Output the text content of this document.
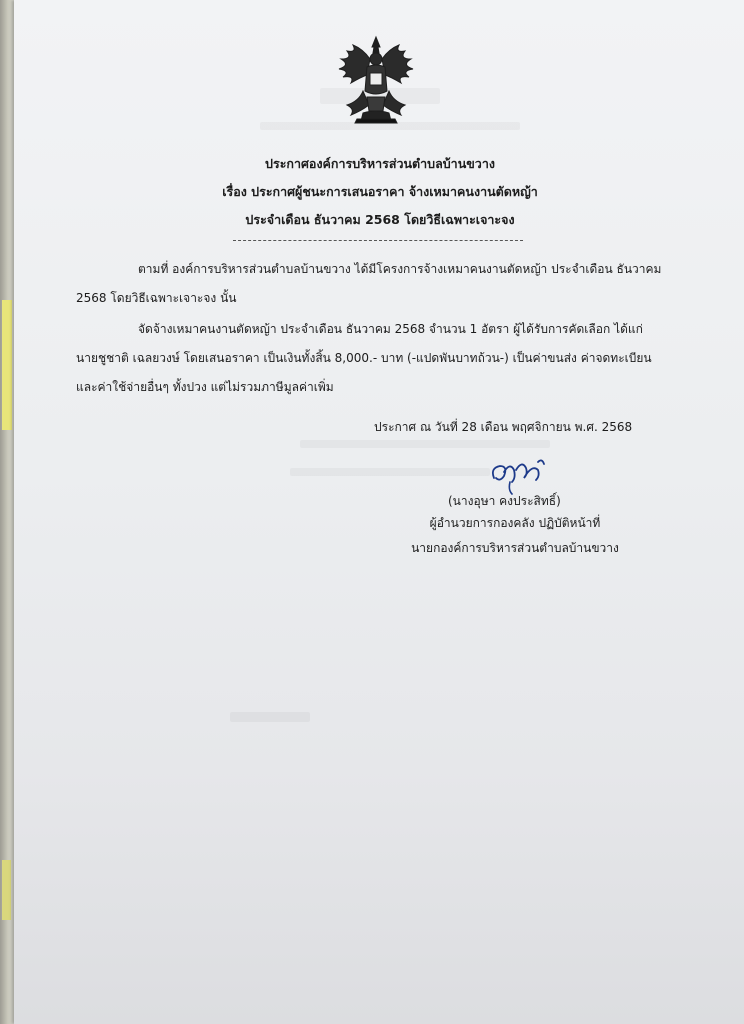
ประกาศองค์การบริหารส่วนตำบลบ้านขวาง
เรื่อง ประกาศผู้ชนะการเสนอราคา จ้างเหมาคนงานตัดหญ้า
ประจำเดือน ธันวาคม 2568 โดยวิธีเฉพาะเจาะจง
ตามที่ องค์การบริหารส่วนตำบลบ้านขวาง ได้มีโครงการจ้างเหมาคนงานตัดหญ้า ประจำเดือน ธันวาคม
2568 โดยวิธีเฉพาะเจาะจง นั้น
จัดจ้างเหมาคนงานตัดหญ้า ประจำเดือน ธันวาคม 2568 จำนวน 1 อัตรา ผู้ได้รับการคัดเลือก ได้แก่
นายชูชาติ เฉลยวงษ์ โดยเสนอราคา เป็นเงินทั้งสิ้น 8,000.- บาท (-แปดพันบาทถ้วน-) เป็นค่าขนส่ง ค่าจดทะเบียน
และค่าใช้จ่ายอื่นๆ ทั้งปวง แต่ไม่รวมภาษีมูลค่าเพิ่ม
ประกาศ ณ วันที่ 28 เดือน พฤศจิกายน พ.ศ. 2568
(นางอุษา คงประสิทธิ์)
ผู้อำนวยการกองคลัง ปฏิบัติหน้าที่
นายกองค์การบริหารส่วนตำบลบ้านขวาง
